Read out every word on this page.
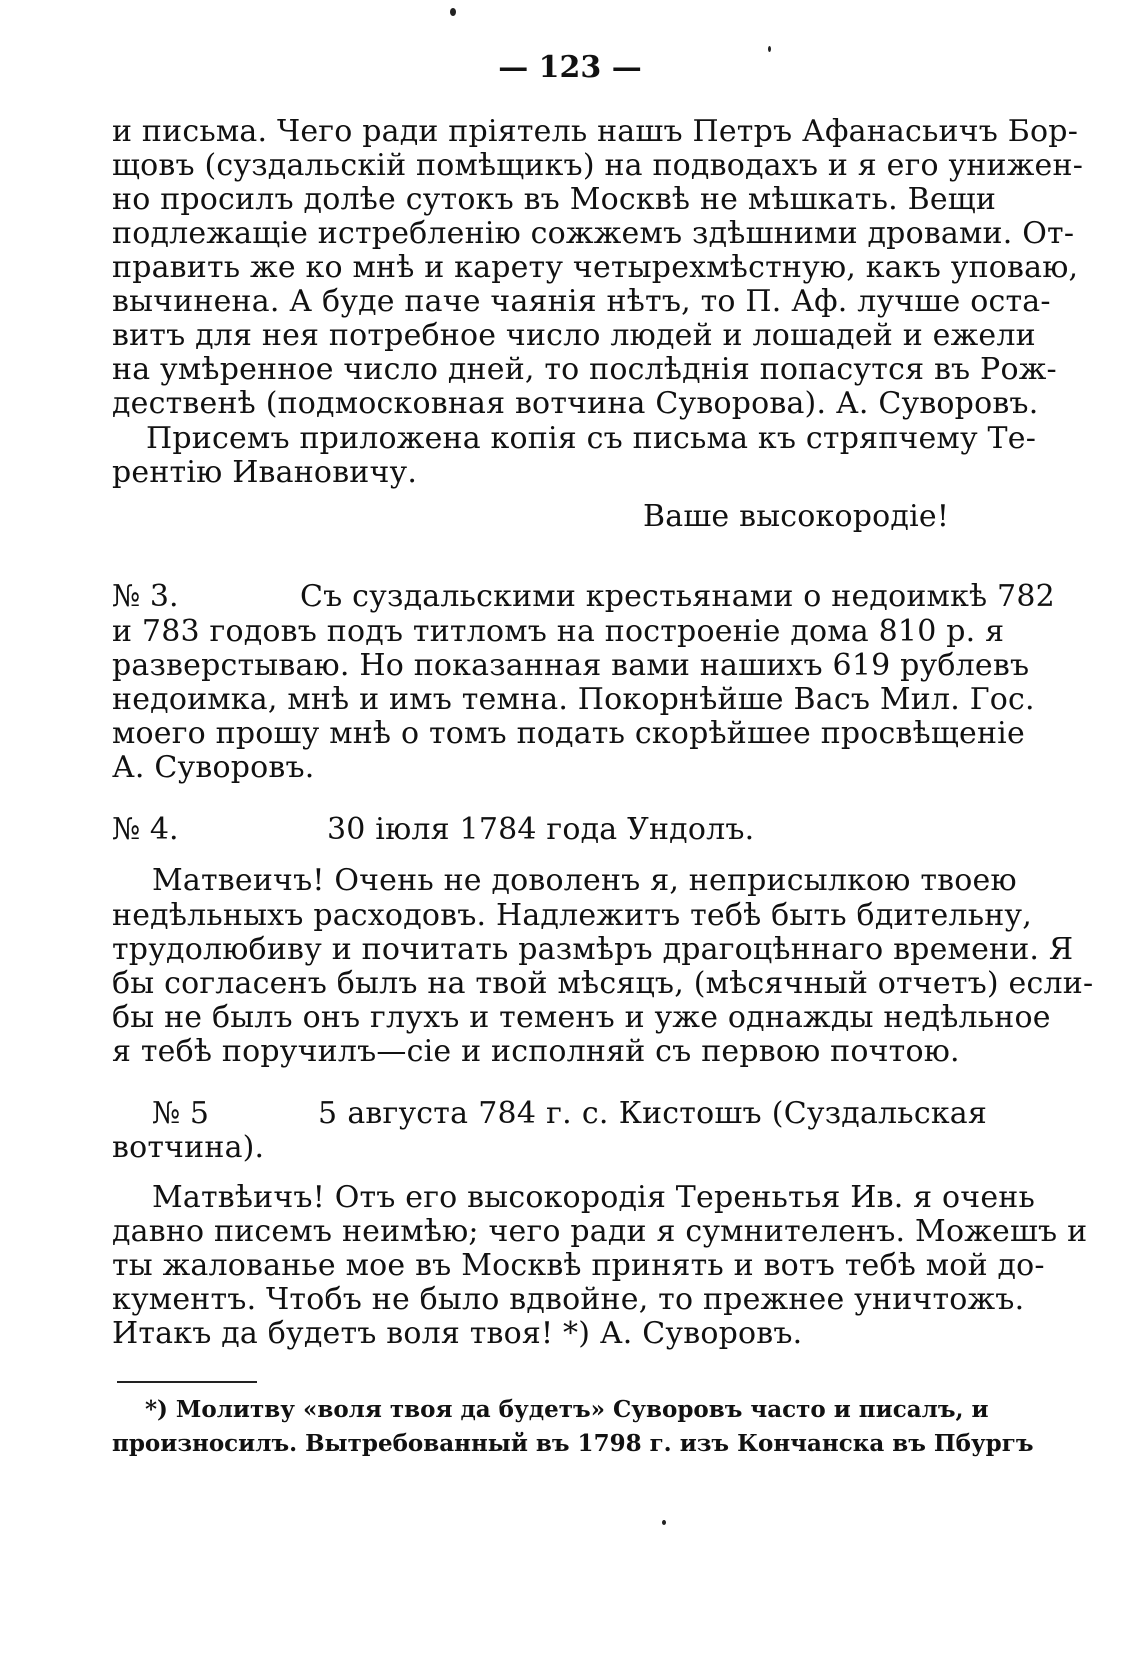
— 123 —
и письма. Чего ради пріятель нашъ Петръ Афанасьичъ Бор-
щовъ (суздальскій помѣщикъ) на подводахъ и я его унижен-
но просилъ долѣе сутокъ въ Москвѣ не мѣшкать. Вещи
подлежащіе истребленію сожжемъ здѣшними дровами. От-
править же ко мнѣ и карету четырехмѣстную, какъ уповаю,
вычинена. А буде паче чаянія нѣтъ, то П. Аф. лучше оста-
витъ для нея потребное число людей и лошадей и ежели
на умѣренное число дней, то послѣднія попасутся въ Рож-
дественѣ (подмосковная вотчина Суворова). А. Суворовъ.
Присемъ приложена копія съ письма къ стряпчему Те-
рентію Ивановичу.
Ваше высокородіе!
№ 3.	Съ суздальскими крестьянами о недоимкѣ 782
и 783 годовъ подъ титломъ на построеніе дома 810 р. я
разверстываю. Но показанная вами нашихъ 619 рублевъ
недоимка, мнѣ и имъ темна. Покорнѣйше Васъ Мил. Гос.
моего прошу мнѣ о томъ подать скорѣйшее просвѣщеніе
А. Суворовъ.
№ 4.	30 іюля 1784 года Ундолъ.
Матвеичъ! Очень не доволенъ я, неприсылкою твоею
недѣльныхъ расходовъ. Надлежитъ тебѣ быть бдительну,
трудолюбиву и почитать размѣръ драгоцѣннаго времени. Я
бы согласенъ былъ на твой мѣсяцъ, (мѣсячный отчетъ) если-
бы не былъ онъ глухъ и теменъ и уже однажды недѣльное
я тебѣ поручилъ—сіе и исполняй съ первою почтою.
№ 5	5 августа 784 г. с. Кистошъ (Суздальская
вотчина).
Матвѣичъ! Отъ его высокородія Тереньтья Ив. я очень
давно писемъ неимѣю; чего ради я сумнителенъ. Можешъ и
ты жалованье мое въ Москвѣ принять и вотъ тебѣ мой до-
кументъ. Чтобъ не было вдвойне, то прежнее уничтожъ.
Итакъ да будетъ воля твоя! *) А. Суворовъ.
*) Молитву «воля твоя да будетъ» Суворовъ часто и писалъ, и
произносилъ. Вытребованный въ 1798 г. изъ Кончанска въ Пбургъ
